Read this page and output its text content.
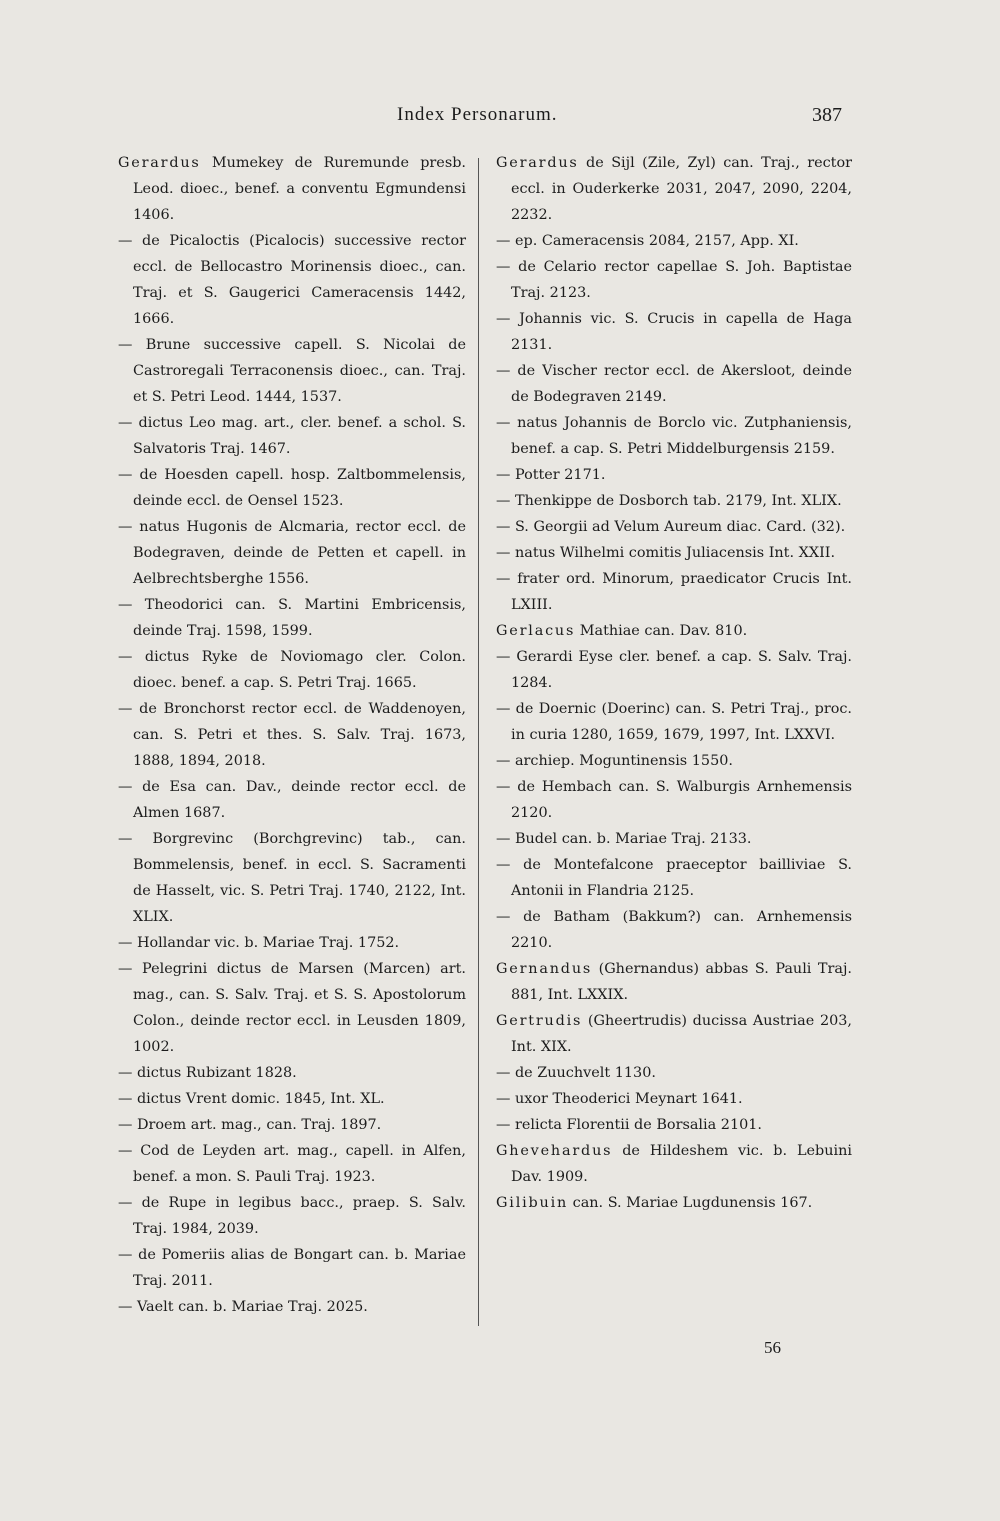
Index Personarum.	387

Gerardus Mumekey de Ruremunde presb. Leod. dioec., benef. a conventu Egmundensi 1406.

— de Picaloctis (Picalocis) successive rector eccl. de Bellocastro Morinensis dioec., can. Traj. et S. Gaugerici Cameracensis 1442, 1666.

— Brune successive capell. S. Nicolai de Castroregali Terraconensis dioec., can. Traj. et S. Petri Leod. 1444, 1537.

— dictus Leo mag. art., cler. benef. a schol. S. Salvatoris Traj. 1467.

— de Hoesden capell. hosp. Zaltbommelensis, deinde eccl. de Oensel 1523.

— natus Hugonis de Alcmaria, rector eccl. de Bodegraven, deinde de Petten et capell. in Aelbrechtsberghe 1556.

— Theodorici can. S. Martini Embricensis, deinde Traj. 1598, 1599.

— dictus Ryke de Noviomago cler. Colon. dioec. benef. a cap. S. Petri Traj. 1665.

— de Bronchorst rector eccl. de Waddenoyen, can. S. Petri et thes. S. Salv. Traj. 1673, 1888, 1894, 2018.

— de Esa can. Dav., deinde rector eccl. de Almen 1687.

— Borgrevinc (Borchgrevinc) tab., can. Bommelensis, benef. in eccl. S. Sacramenti de Hasselt, vic. S. Petri Traj. 1740, 2122, Int. XLIX.

— Hollandar vic. b. Mariae Traj. 1752.

— Pelegrini dictus de Marsen (Marcen) art. mag., can. S. Salv. Traj. et S. S. Apostolorum Colon., deinde rector eccl. in Leusden 1809, 1002.

— dictus Rubizant 1828.

— dictus Vrent domic. 1845, Int. XL.

— Droem art. mag., can. Traj. 1897.

— Cod de Leyden art. mag., capell. in Alfen, benef. a mon. S. Pauli Traj. 1923.

— de Rupe in legibus bacc., praep. S. Salv. Traj. 1984, 2039.

— de Pomeriis alias de Bongart can. b. Mariae Traj. 2011.

— Vaelt can. b. Mariae Traj. 2025.

Gerardus de Sijl (Zile, Zyl) can. Traj., rector eccl. in Ouderkerke 2031, 2047, 2090, 2204, 2232.

— ep. Cameracensis 2084, 2157, App. XI.

— de Celario rector capellae S. Joh. Baptistae Traj. 2123.

— Johannis vic. S. Crucis in capella de Haga 2131.

— de Vischer rector eccl. de Akersloot, deinde de Bodegraven 2149.

— natus Johannis de Borclo vic. Zutphaniensis, benef. a cap. S. Petri Middelburgensis 2159.

— Potter 2171.

— Thenkippe de Dosborch tab. 2179, Int. XLIX.

— S. Georgii ad Velum Aureum diac. Card. (32).

— natus Wilhelmi comitis Juliacensis Int. XXII.

— frater ord. Minorum, praedicator Crucis Int. LXIII.

Gerlacus Mathiae can. Dav. 810.

— Gerardi Eyse cler. benef. a cap. S. Salv. Traj. 1284.

— de Doernic (Doerinc) can. S. Petri Traj., proc. in curia 1280, 1659, 1679, 1997, Int. LXXVI.

— archiep. Moguntinensis 1550.

— de Hembach can. S. Walburgis Arnhemensis 2120.

— Budel can. b. Mariae Traj. 2133.

— de Montefalcone praeceptor bailliviae S. Antonii in Flandria 2125.

— de Batham (Bakkum?) can. Arnhemensis 2210.

Gernandus (Ghernandus) abbas S. Pauli Traj. 881, Int. LXXIX.

Gertrudis (Gheertrudis) ducissa Austriae 203, Int. XIX.

— de Zuuchvelt 1130.

— uxor Theoderici Meynart 1641.

— relicta Florentii de Borsalia 2101.

Ghevehardus de Hildeshem vic. b. Lebuini Dav. 1909.

Gilibuin can. S. Mariae Lugdunensis 167.

56
